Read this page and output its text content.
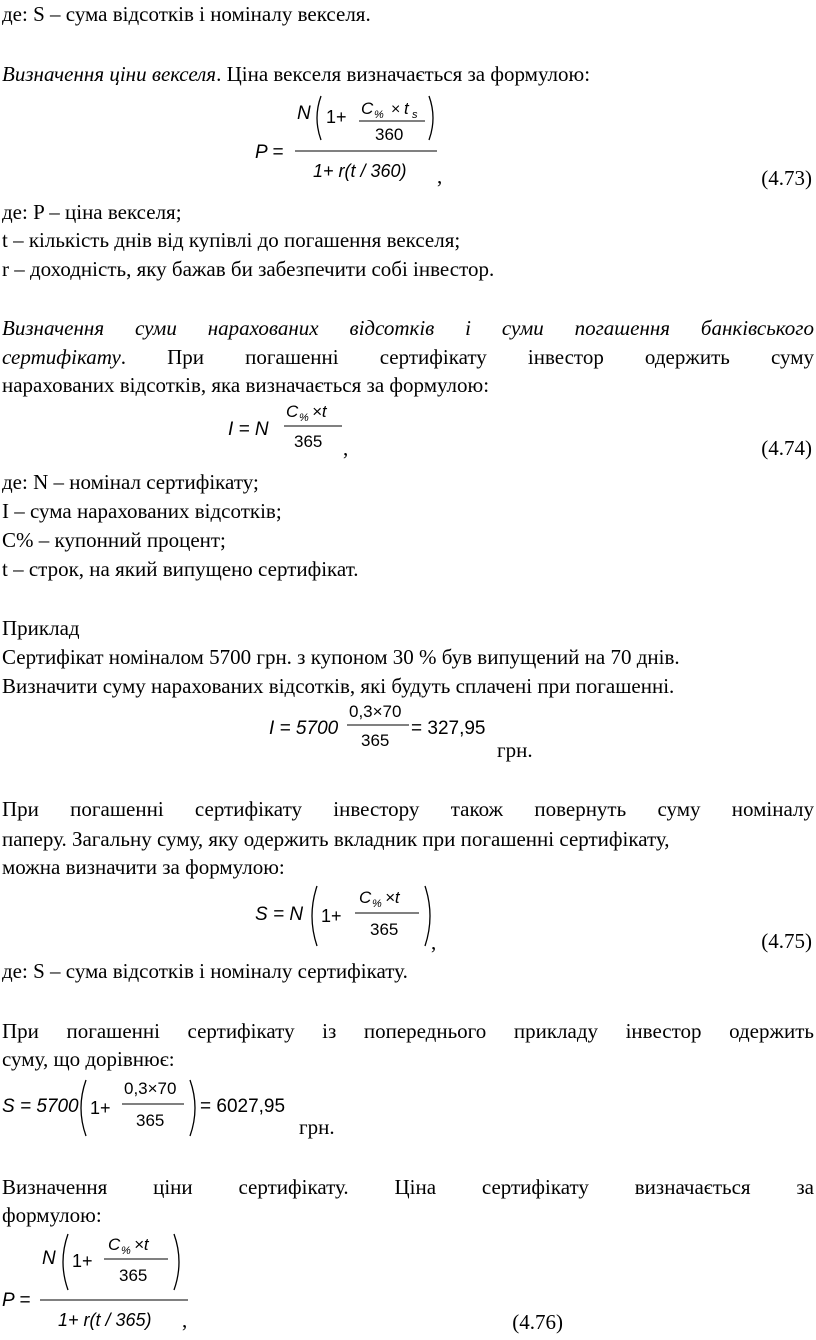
де: S – сума відсотків і номіналу векселя.
Визначення ціни векселя. Ціна векселя визначається за формулою:
P =
N 1+ C % × t s
360
1+ r(t / 360) ,	(4.73)
де: P – ціна векселя;
t – кількість днів від купівлі до погашення векселя;
r – доходність, яку бажав би забезпечити собі інвестор.
Визначення суми нарахованих відсотків і суми погашення банківського
сертифікату. При погашенні сертифікату інвестор одержить суму
нарахованих відсотків, яка визначається за формулою:
I = N
C % ×t
365 ,	(4.74)
де: N – номінал сертифікату;
I – сума нарахованих відсотків;
С% – купонний процент;
t – строк, на який випущено сертифікат.
Приклад
Сертифікат номіналом 5700 грн. з купоном 30 % був випущений на 70 днів.
Визначити суму нарахованих відсотків, які будуть сплачені при погашенні.
I = 5700
0,3×70
365
= 327,95
грн.
При погашенні сертифікату інвестору також повернуть суму номіналу
паперу. Загальну суму, яку одержить вкладник при погашенні сертифікату,
можна визначити за формулою:
S = N 1+
C % ×t
365
,	(4.75)
де: S – сума відсотків і номіналу сертифікату.
При погашенні сертифікату із попереднього прикладу інвестор одержить
суму, що дорівнює:
S = 5700 1+
0,3×70
365
= 6027,95
грн.
Визначення ціни сертифікату. Ціна сертифікату визначається за
формулою:
P =
N 1+
C % ×t
365
1+ r(t / 365) ,	(4.76)
